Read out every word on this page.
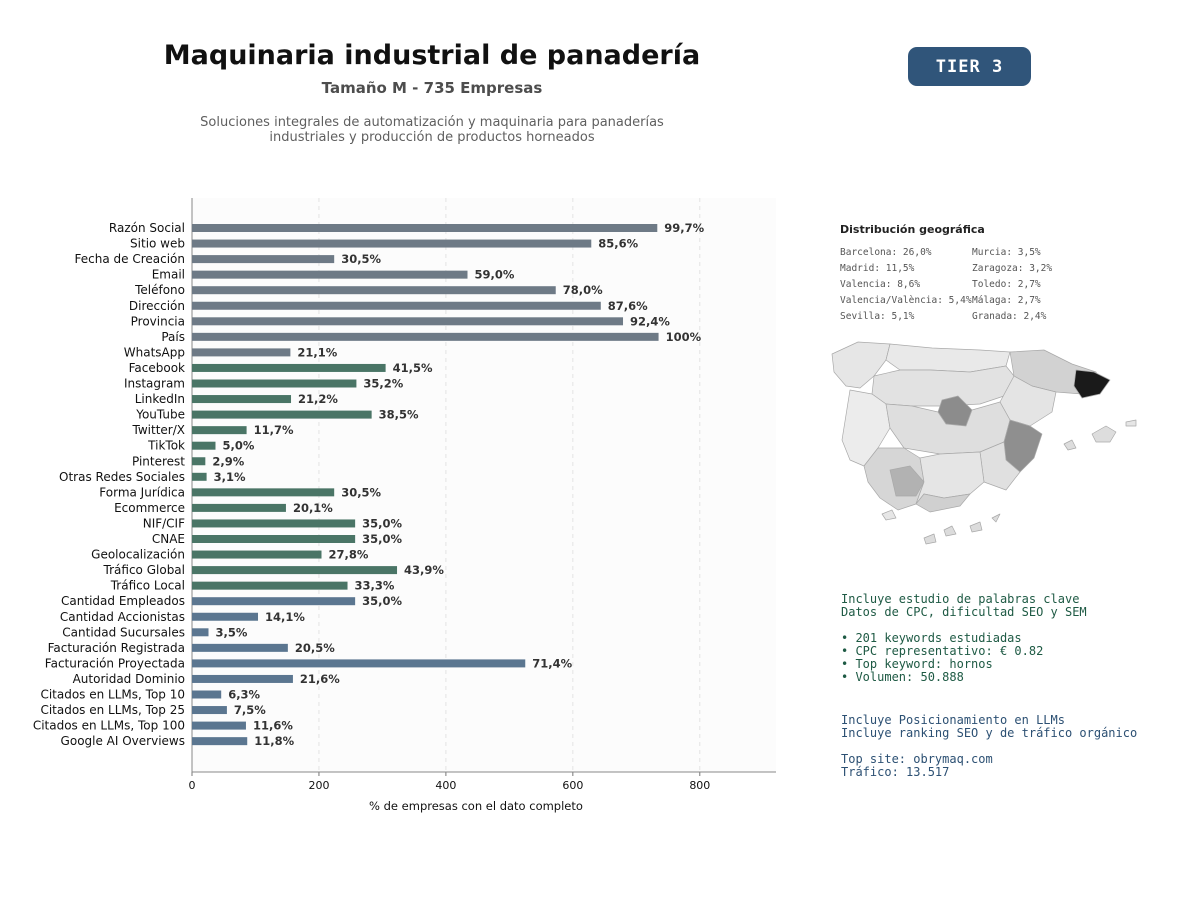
Maquinaria industrial de panadería
Tamaño M - 735 Empresas
Soluciones integrales de automatización y maquinaria para panaderías
industriales y producción de productos horneados
TIER 3
0	200	400	600	800
Razón Social	99,7%
Sitio web	85,6%
Fecha de Creación	30,5%
Email	59,0%
Teléfono	78,0%
Dirección	87,6%
Provincia	92,4%
País	100%
WhatsApp	21,1%
Facebook	41,5%
Instagram	35,2%
LinkedIn	21,2%
YouTube	38,5%
Twitter/X	11,7%
TikTok	5,0%
Pinterest 2,9%
Otras Redes Sociales 3,1%
Forma Jurídica	30,5%
Ecommerce	20,1%
NIF/CIF	35,0%
CNAE	35,0%
Geolocalización	27,8%
Tráfico Global	43,9%
Tráfico Local	33,3%
Cantidad Empleados	35,0%
Cantidad Accionistas	14,1%
Cantidad Sucursales	3,5%
Facturación Registrada	20,5%
Facturación Proyectada	71,4%
Autoridad Dominio	21,6%
Citados en LLMs, Top 10	6,3%
Citados en LLMs, Top 25	7,5%
Citados en LLMs, Top 100	11,6%
Google AI Overviews	11,8%
% de empresas con el dato completo
Distribución geográfica
Barcelona: 26,0%
Madrid: 11,5%
Valencia: 8,6%
Valencia/València: 5,4%
Sevilla: 5,1%
Murcia: 3,5%
Zaragoza: 3,2%
Toledo: 2,7%
Málaga: 2,7%
Granada: 2,4%
Incluye estudio de palabras clave
Datos de CPC, dificultad SEO y SEM
• 201 keywords estudiadas
• CPC representativo: € 0.82
• Top keyword: hornos
• Volumen: 50.888
Incluye Posicionamiento en LLMs
Incluye ranking SEO y de tráfico orgánico
Top site: obrymaq.com
Tráfico: 13.517
